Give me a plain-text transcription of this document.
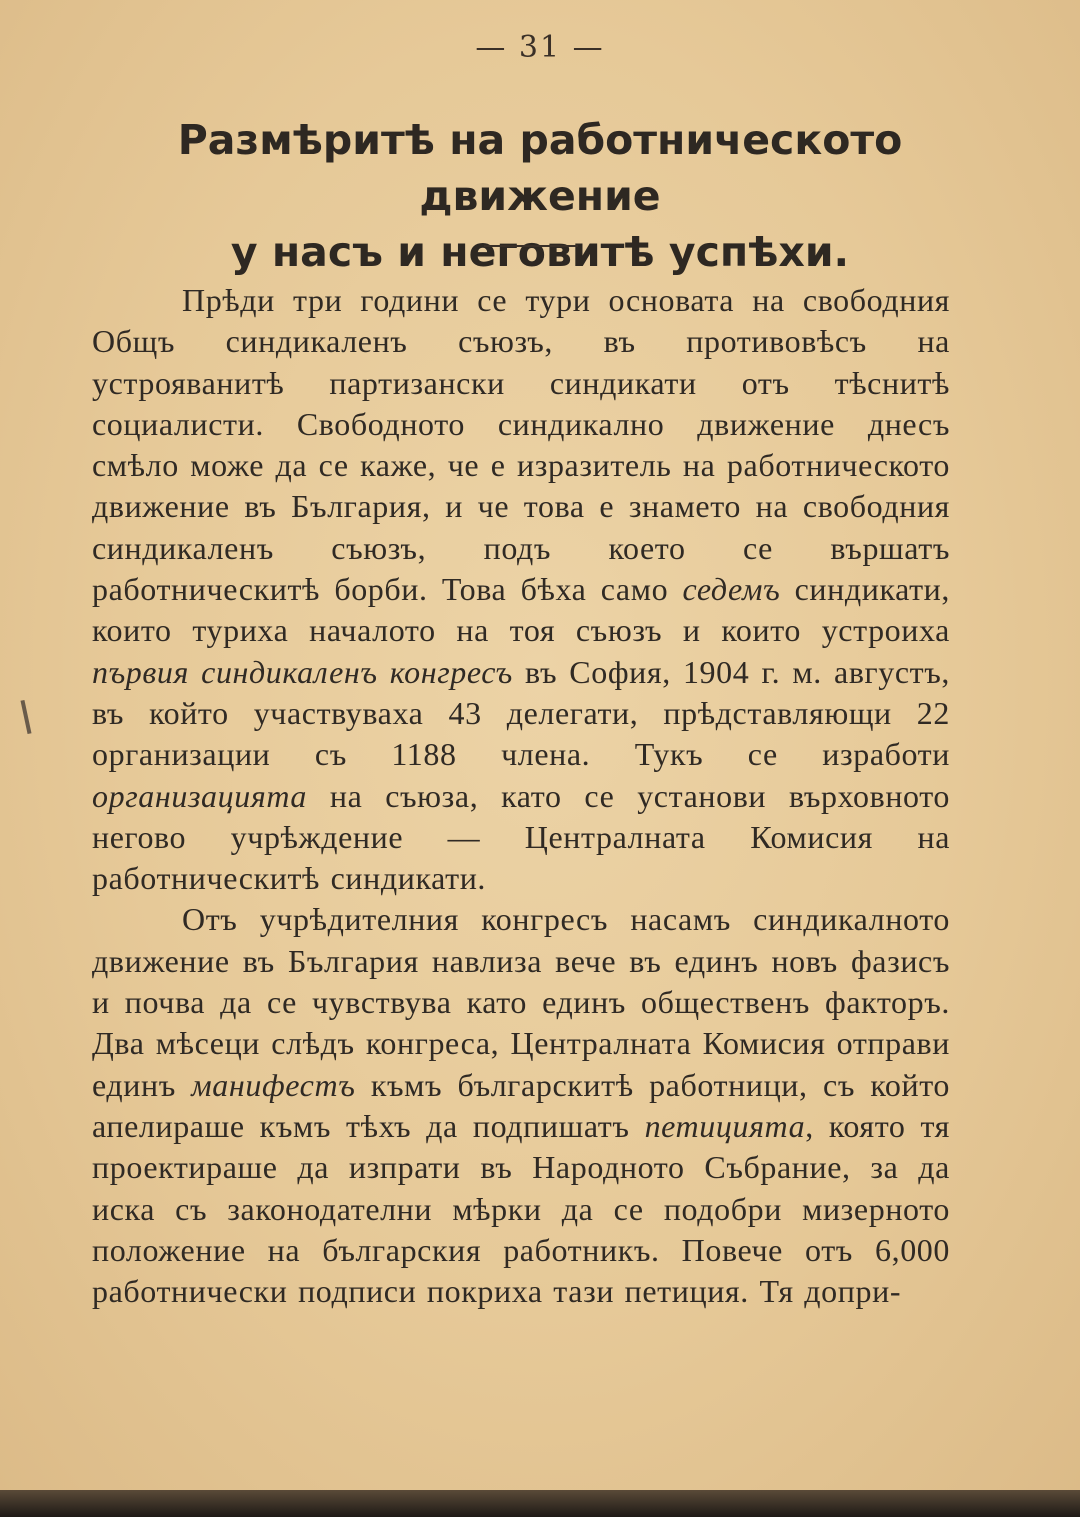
— 31 —
Размѣритѣ на работническото движение
у насъ и неговитѣ успѣхи.

Прѣди три години се тури основата на свободния Общъ синдикаленъ съюзъ, въ противовѣсъ на устрояванитѣ партизански синдикати отъ тѣснитѣ социалисти. Свободното синдикално движение днесъ смѣло може да се каже, че е изразитель на работническото движение въ България, и че това е знамето на свободния синдикаленъ съюзъ, подъ което се вършатъ работническитѣ борби. Това бѣха само седемъ синдикати, които туриха началото на тоя съюзъ и които устроиха първия синдикаленъ конгресъ въ София, 1904 г. м. августъ, въ който участвуваха 43 делегати, прѣдставляющи 22 организации съ 1188 члена. Тукъ се изработи организацията на съюза, като се установи върховното негово учрѣждение — Централната Комисия на работническитѣ синдикати.

Отъ учрѣдителния конгресъ насамъ синдикалното движение въ България навлиза вече въ единъ новъ фазисъ и почва да се чувствува като единъ общественъ факторъ. Два мѣсеци слѣдъ конгреса, Централната Комисия отправи единъ манифестъ къмъ българскитѣ работници, съ който апелираше къмъ тѣхъ да подпишатъ петицията, която тя проектираше да изпрати въ Народното Събрание, за да иска съ законодателни мѣрки да се подобри мизерното положение на българския работникъ. Повече отъ 6,000 работнически подписи покриха тази петиция. Тя допри-
